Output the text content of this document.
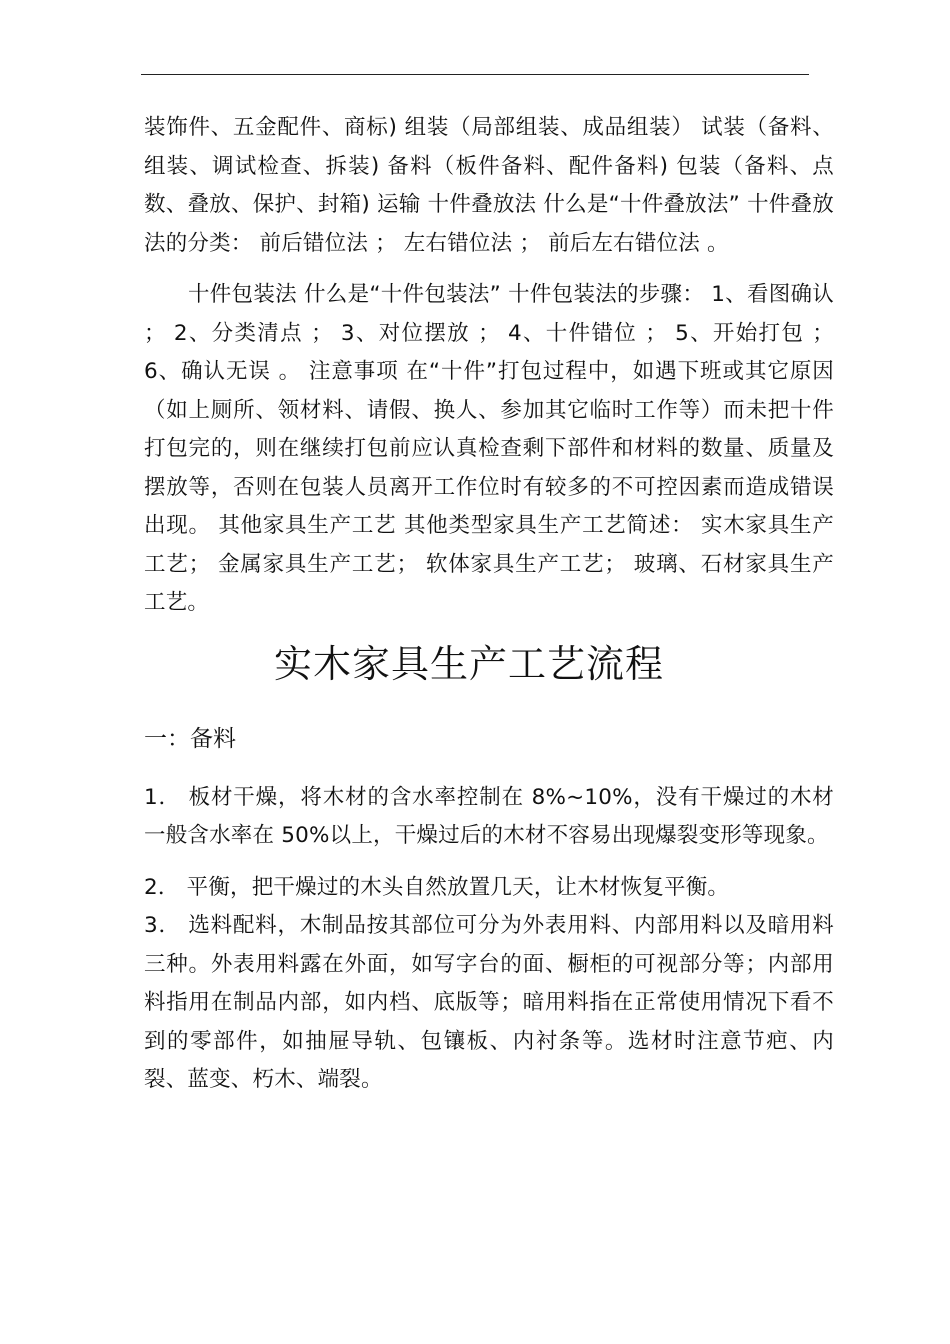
装饰件、五金配件、商标) 组装（局部组装、成品组装） 试装（备料、组装、调试检查、拆装) 备料（板件备料、配件备料) 包装（备料、点数、叠放、保护、封箱) 运输 十件叠放法 什么是“十件叠放法” 十件叠放法的分类： 前后错位法 ； 左右错位法 ； 前后左右错位法 。

十件包装法 什么是“十件包装法” 十件包装法的步骤： 1、看图确认 ； 2、分类清点 ； 3、对位摆放 ； 4、十件错位 ； 5、开始打包 ； 6、确认无误 。 注意事项 在“十件”打包过程中，如遇下班或其它原因（如上厕所、领材料、请假、换人、参加其它临时工作等）而未把十件打包完的，则在继续打包前应认真检查剩下部件和材料的数量、质量及摆放等，否则在包装人员离开工作位时有较多的不可控因素而造成错误出现。 其他家具生产工艺 其他类型家具生产工艺简述： 实木家具生产工艺； 金属家具生产工艺； 软体家具生产工艺； 玻璃、石材家具生产工艺。

实木家具生产工艺流程
一：备料

1． 板材干燥，将木材的含水率控制在 8%~10%，没有干燥过的木材一般含水率在 50%以上，干燥过后的木材不容易出现爆裂变形等现象。

2． 平衡，把干燥过的木头自然放置几天，让木材恢复平衡。

3． 选料配料，木制品按其部位可分为外表用料、内部用料以及暗用料三种。外表用料露在外面，如写字台的面、橱柜的可视部分等；内部用料指用在制品内部，如内档、底版等；暗用料指在正常使用情况下看不到的零部件，如抽屉导轨、包镶板、内衬条等。选材时注意节疤、内裂、蓝变、朽木、端裂。
